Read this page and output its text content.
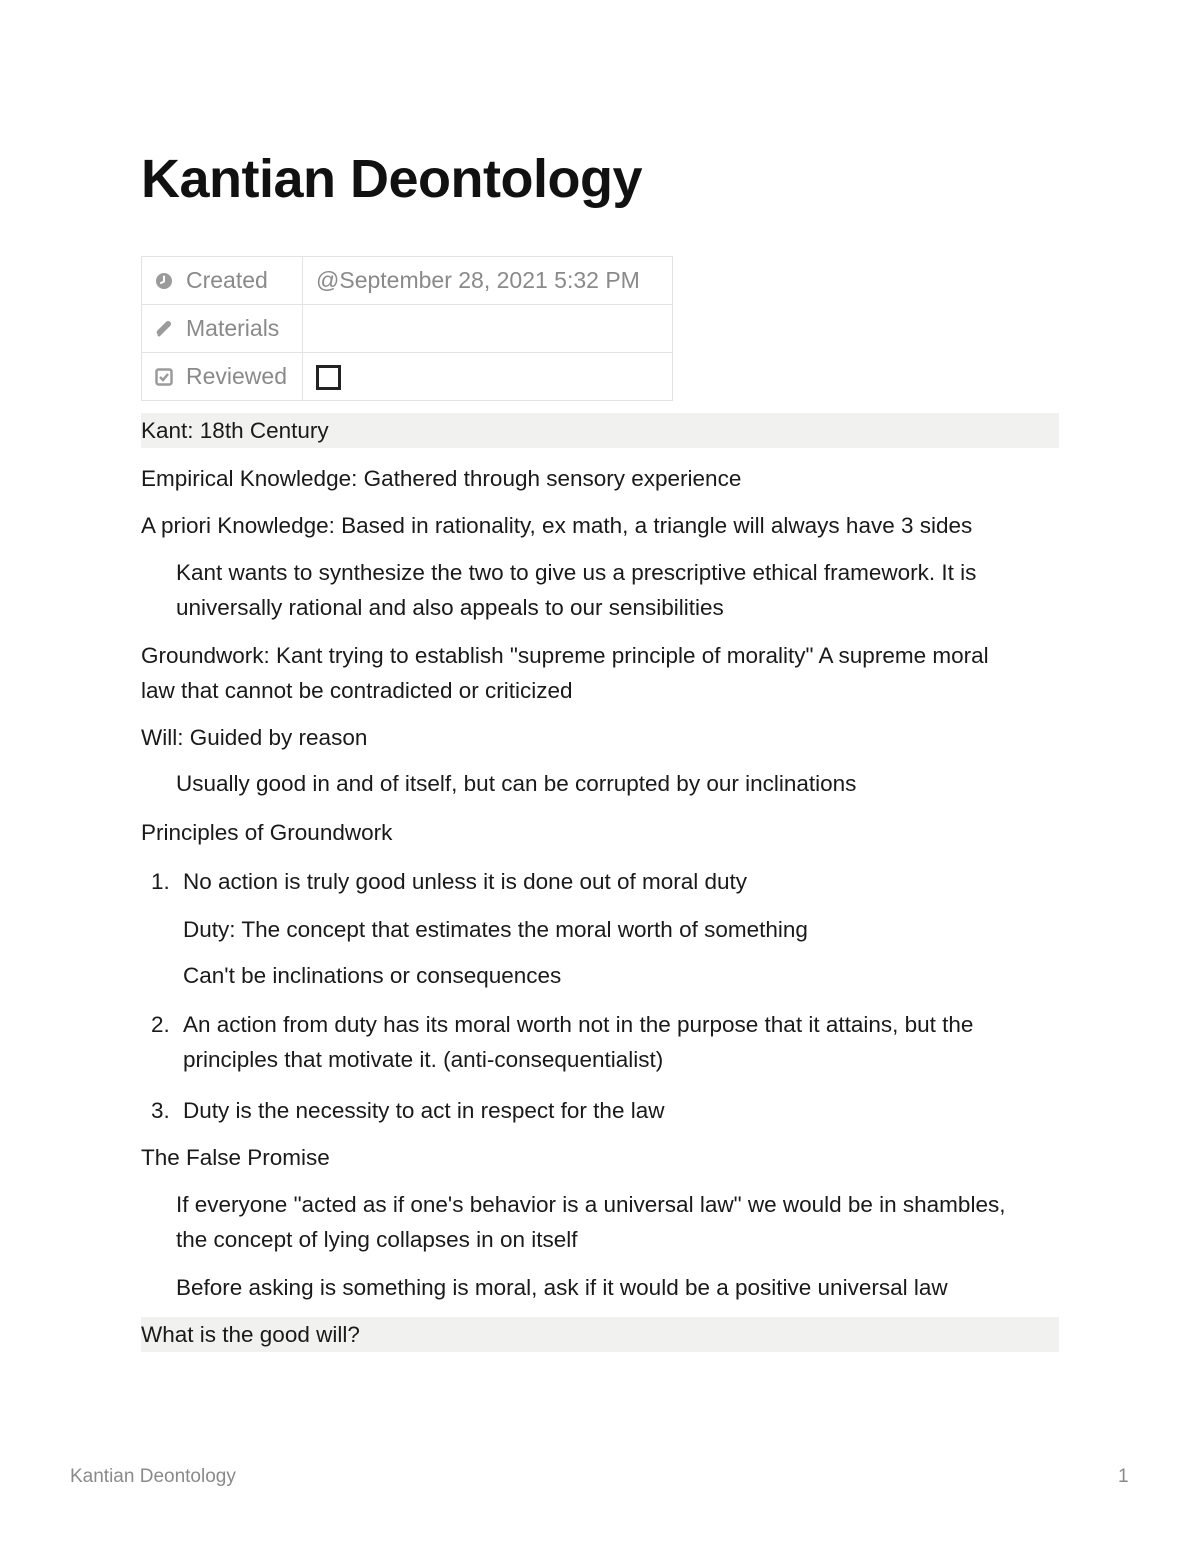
Kantian Deontology
Created	@September 28, 2021 5:32 PM

Materials	

Reviewed	

Kant: 18th Century
Empirical Knowledge: Gathered through sensory experience
A priori Knowledge: Based in rationality, ex math, a triangle will always have 3 sides
Kant wants to synthesize the two to give us a prescriptive ethical framework. It is
universally rational and also appeals to our sensibilities
Groundwork: Kant trying to establish "supreme principle of morality" A supreme moral
law that cannot be contradicted or criticized
Will: Guided by reason
Usually good in and of itself, but can be corrupted by our inclinations
Principles of Groundwork
1. No action is truly good unless it is done out of moral duty
Duty: The concept that estimates the moral worth of something
Can't be inclinations or consequences
2. An action from duty has its moral worth not in the purpose that it attains, but the
principles that motivate it. (anti-consequentialist)
3. Duty is the necessity to act in respect for the law
The False Promise
If everyone "acted as if one's behavior is a universal law" we would be in shambles,
the concept of lying collapses in on itself
Before asking is something is moral, ask if it would be a positive universal law
What is the good will?
Kantian Deontology	1
